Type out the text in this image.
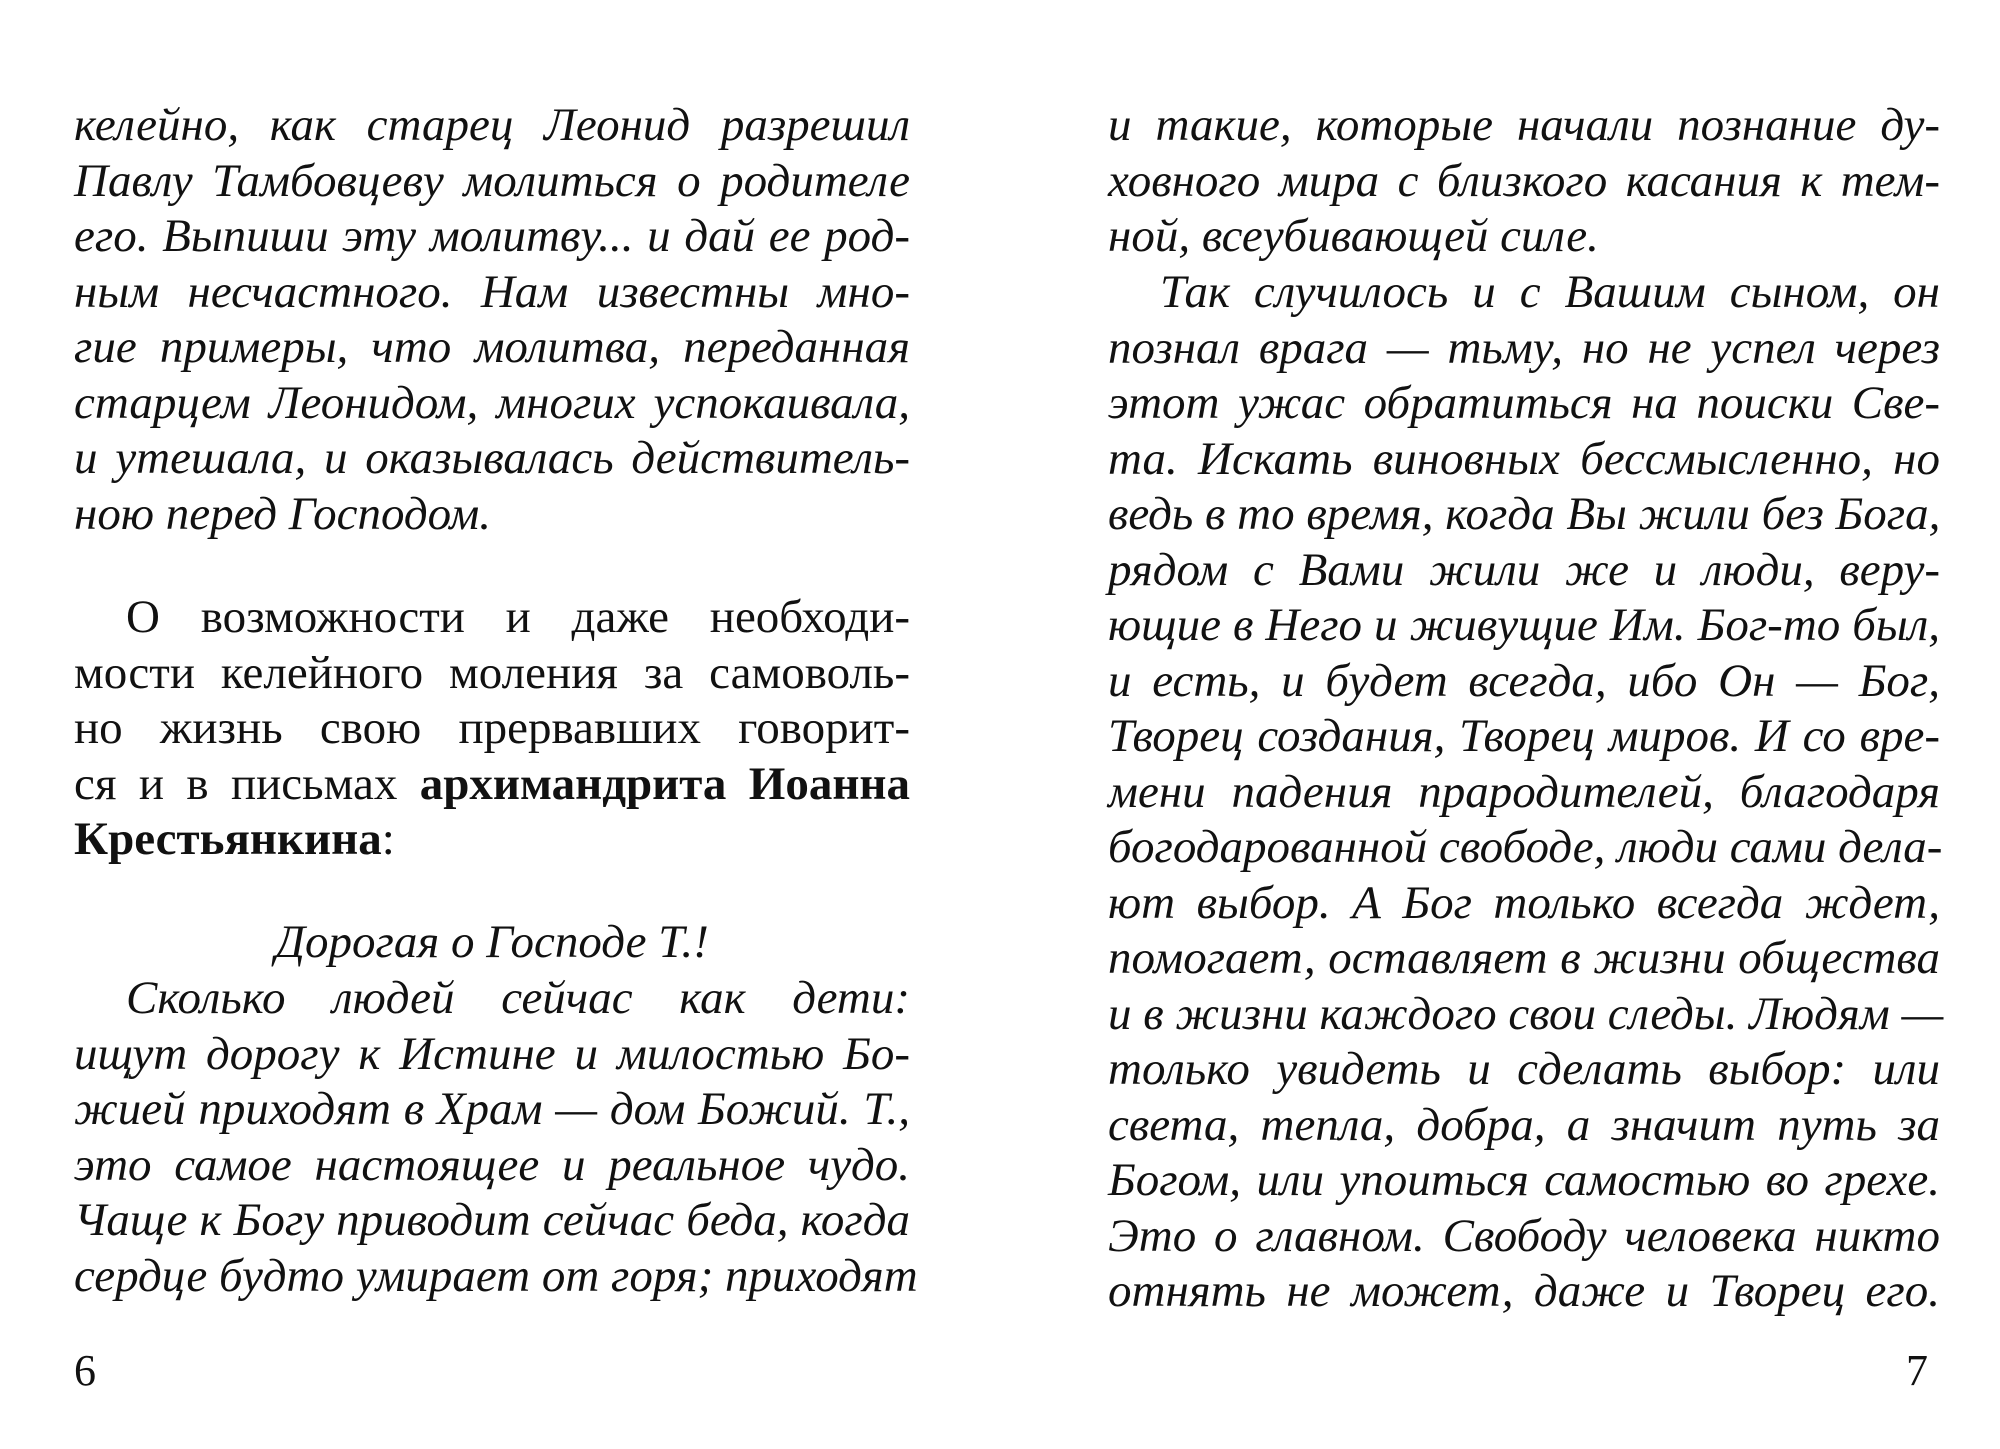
келейно, как старец Леонид разрешил
Павлу Тамбовцеву молиться о родителе
его. Выпиши эту молитву... и дай ее род-
ным несчастного. Нам известны мно-
гие примеры, что молитва, переданная
старцем Леонидом, многих успокаивала,
и утешала, и оказывалась действитель-
ною перед Господом.
О возможности и даже необходи-
мости келейного моления за самоволь-
но жизнь свою прервавших говорит-
ся и в письмах архимандрита Иоанна
Крестьянкина:
Дорогая о Господе Т.!
Сколько людей сейчас как дети:
ищут дорогу к Истине и милостью Бо-
жией приходят в Храм — дом Божий. Т.,
это самое настоящее и реальное чудо.
Чаще к Богу приводит сейчас беда, когда
сердце будто умирает от горя; приходят
6
и такие, которые начали познание ду-
ховного мира с близкого касания к тем-
ной, всеубивающей силе.
Так случилось и с Вашим сыном, он
познал врага — тьму, но не успел через
этот ужас обратиться на поиски Све-
та. Искать виновных бессмысленно, но
ведь в то время, когда Вы жили без Бога,
рядом с Вами жили же и люди, веру-
ющие в Него и живущие Им. Бог-то был,
и есть, и будет всегда, ибо Он — Бог,
Творец создания, Творец миров. И со вре-
мени падения прародителей, благодаря
богодарованной свободе, люди сами дела-
ют выбор. А Бог только всегда ждет,
помогает, оставляет в жизни общества
и в жизни каждого свои следы. Людям —
только увидеть и сделать выбор: или
света, тепла, добра, а значит путь за
Богом, или упоиться самостью во грехе.
Это о главном. Свободу человека никто
отнять не может, даже и Творец его.
7
